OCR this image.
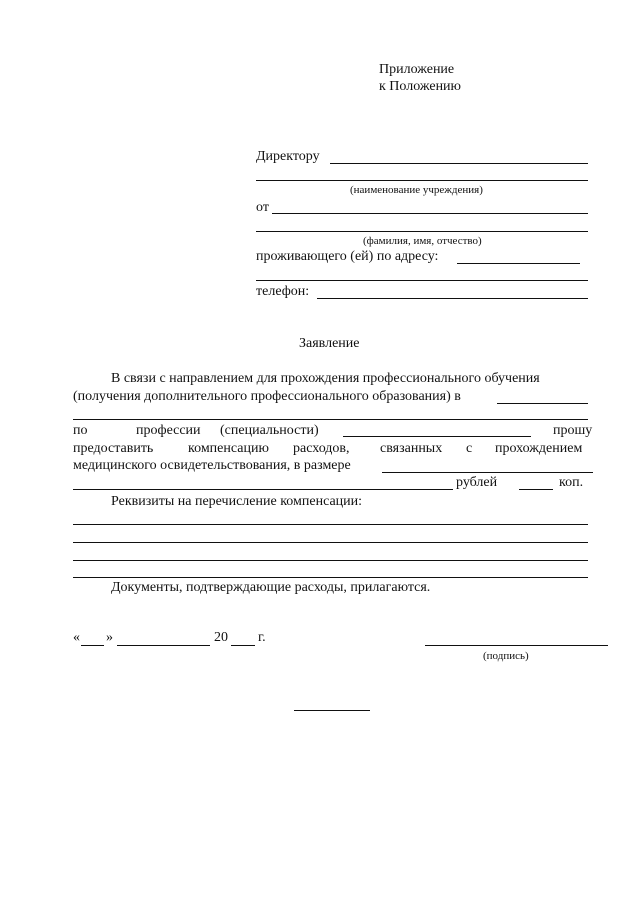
Приложение
к Положению
Директору
(наименование учреждения)
от
(фамилия, имя, отчество)
проживающего (ей) по адресу:
телефон:
Заявление
В связи с направлением для прохождения профессионального обучения
(получения дополнительного профессионального образования) в
по	профессии (специальности)	прошу
предоставить компенсацию расходов, связанных с прохождением
медицинского освидетельствования, в размере
рублей	коп.
Реквизиты на перечисление компенсации:
Документы, подтверждающие расходы, прилагаются.
« »	20 г.
(подпись)
